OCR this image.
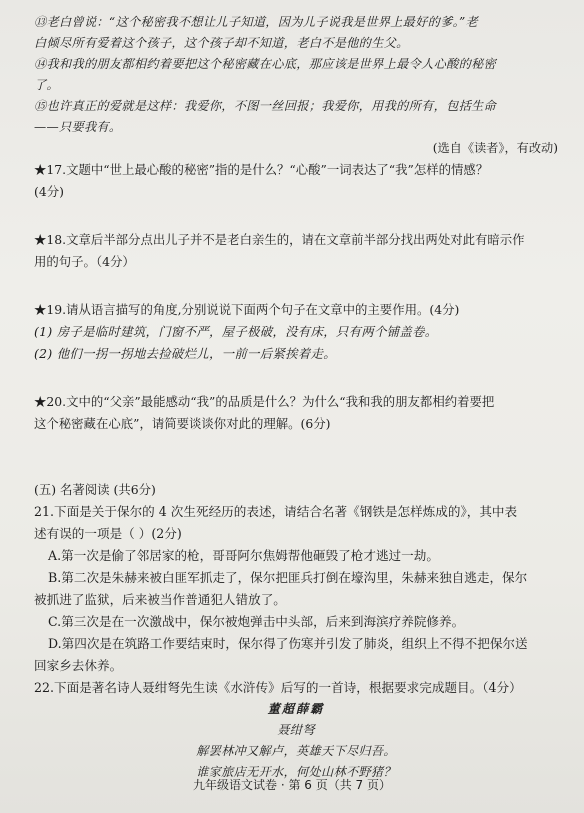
⑬老白曾说：“这个秘密我不想让儿子知道，因为儿子说我是世界上最好的爹。”老

白倾尽所有爱着这个孩子，这个孩子却不知道，老白不是他的生父。

⑭我和我的朋友都相约着要把这个秘密藏在心底，那应该是世界上最令人心酸的秘密

了。

⑮也许真正的爱就是这样：我爱你，不图一丝回报；我爱你，用我的所有，包括生命

——只要我有。

(选自《读者》，有改动)

★17.文题中“世上最心酸的秘密”指的是什么？“心酸”一词表达了“我”怎样的情感？

(4分)

★18.文章后半部分点出儿子并不是老白亲生的，请在文章前半部分找出两处对此有暗示作

用的句子。（4分）

★19.请从语言描写的角度,分别说说下面两个句子在文章中的主要作用。(4分)

(1) 房子是临时建筑，门窗不严，屋子极破，没有床，只有两个铺盖卷。

(2) 他们一拐一拐地去捡破烂儿，一前一后紧挨着走。

★20.文中的“父亲”最能感动“我”的品质是什么？为什么“我和我的朋友都相约着要把

这个秘密藏在心底”，请简要谈谈你对此的理解。(6分)

(五) 名著阅读 (共6分)

21.下面是关于保尔的 4 次生死经历的表述，请结合名著《钢铁是怎样炼成的》，其中表

述有误的一项是（ ）(2分)

A.第一次是偷了邻居家的枪，哥哥阿尔焦姆帮他砸毁了枪才逃过一劫。

B.第二次是朱赫来被白匪军抓走了，保尔把匪兵打倒在壕沟里，朱赫来独自逃走，保尔

被抓进了监狱，后来被当作普通犯人错放了。

C.第三次是在一次激战中，保尔被炮弹击中头部，后来到海滨疗养院修养。

D.第四次是在筑路工作要结束时，保尔得了伤寒并引发了肺炎，组织上不得不把保尔送

回家乡去休养。

22.下面是著名诗人聂绀弩先生读《水浒传》后写的一首诗，根据要求完成题目。（4分）

董超薛霸

聂绀弩

解罢林冲又解卢，英雄天下尽归吾。

谁家旅店无开水，何处山林不野猪？

九年级语文试卷 · 第 6 页（共 7 页）
